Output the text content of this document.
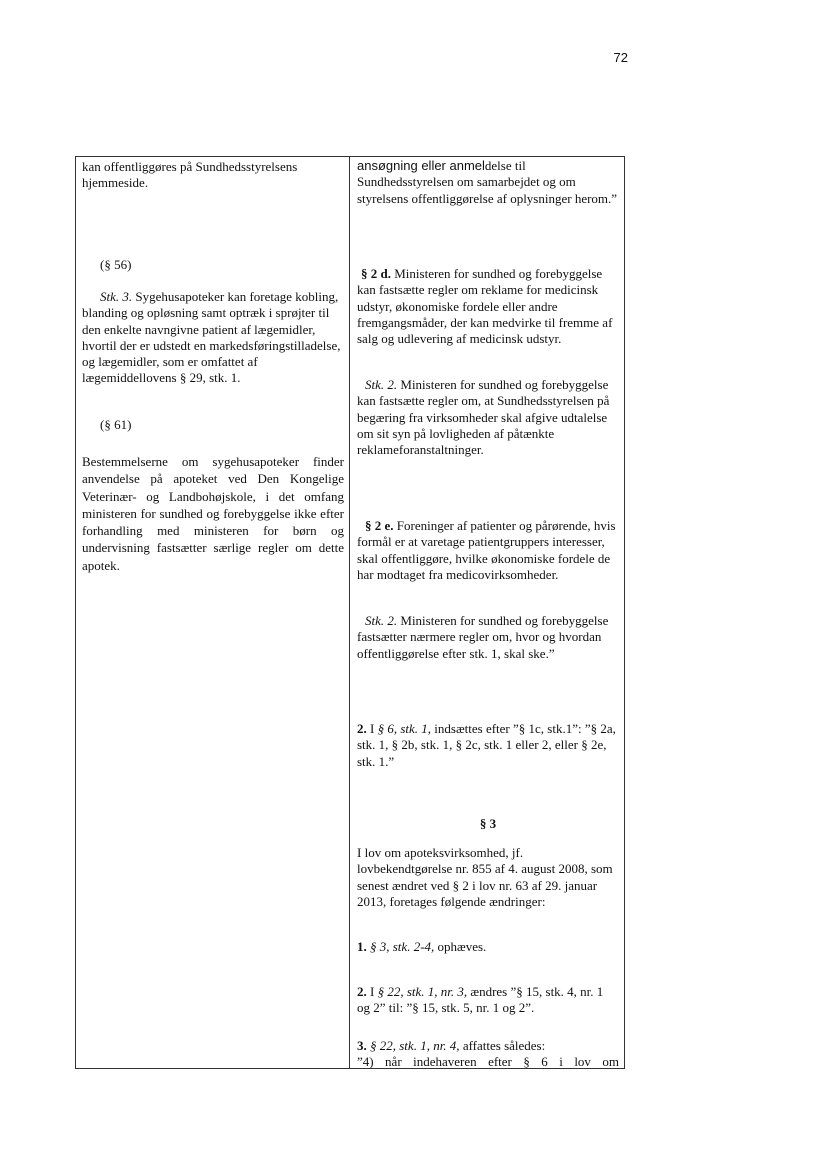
72

kan offentliggøres på Sundhedsstyrelsens hjemmeside.

(§ 56)

Stk. 3. Sygehusapoteker kan foretage kobling, blanding og opløsning samt optræk i sprøjter til den enkelte navngivne patient af lægemidler, hvortil der er udstedt en markedsføringstilladelse, og lægemidler, som er omfattet af lægemiddellovens § 29, stk. 1.

(§ 61)

Bestemmelserne om sygehusapoteker finder anvendelse på apoteket ved Den Kongelige Veterinær- og Landbohøjskole, i det omfang ministeren for sundhed og forebyggelse ikke efter forhandling med ministeren for børn og undervisning fastsætter særlige regler om dette apotek.

ansøgning eller anmeldelse til Sundhedsstyrelsen om samarbejdet og om styrelsens offentliggørelse af oplysninger herom.”

§ 2 d. Ministeren for sundhed og forebyggelse kan fastsætte regler om reklame for medicinsk udstyr, økonomiske fordele eller andre fremgangsmåder, der kan medvirke til fremme af salg og udlevering af medicinsk udstyr.

Stk. 2. Ministeren for sundhed og forebyggelse kan fastsætte regler om, at Sundhedsstyrelsen på begæring fra virksomheder skal afgive udtalelse om sit syn på lovligheden af påtænkte reklameforanstaltninger.

§ 2 e. Foreninger af patienter og pårørende, hvis formål er at varetage patientgruppers interesser, skal offentliggøre, hvilke økonomiske fordele de har modtaget fra medicovirksomheder.

Stk. 2. Ministeren for sundhed og forebyggelse fastsætter nærmere regler om, hvor og hvordan offentliggørelse efter stk. 1, skal ske.”

2. I § 6, stk. 1, indsættes efter ”§ 1c, stk.1”: ”§ 2a, stk. 1, § 2b, stk. 1, § 2c, stk. 1 eller 2, eller § 2e, stk. 1.”

§ 3

I lov om apoteksvirksomhed, jf. lovbekendtgørelse nr. 855 af 4. august 2008, som senest ændret ved § 2 i lov nr. 63 af 29. januar 2013, foretages følgende ændringer:

1. § 3, stk. 2-4, ophæves.

2. I § 22, stk. 1, nr. 3, ændres ”§ 15, stk. 4, nr. 1 og 2” til: ”§ 15, stk. 5, nr. 1 og 2”.

3. § 22, stk. 1, nr. 4, affattes således:

”4) når indehaveren efter § 6 i lov om
